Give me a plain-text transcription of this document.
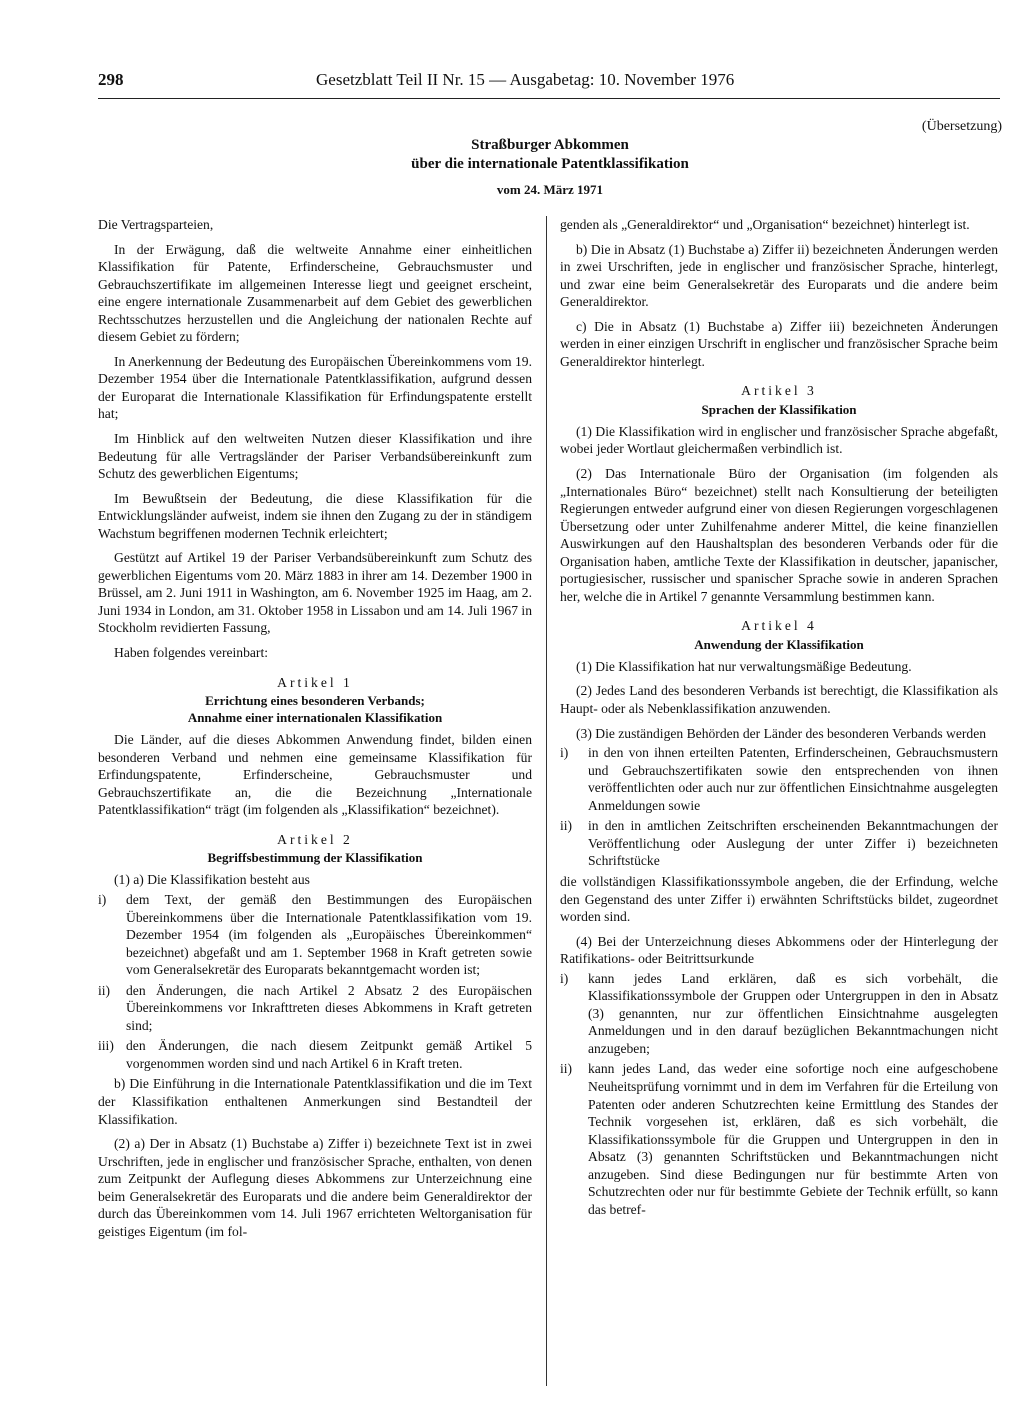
298	Gesetzblatt Teil II Nr. 15 — Ausgabetag: 10. November 1976
(Übersetzung)
Straßburger Abkommen
über die internationale Patentklassifikation
vom 24. März 1971

Die Vertragsparteien,

In der Erwägung, daß die weltweite Annahme einer einheitlichen Klassifikation für Patente, Erfinderscheine, Gebrauchsmuster und Gebrauchszertifikate im allgemeinen Interesse liegt und geeignet erscheint, eine engere internationale Zusammenarbeit auf dem Gebiet des gewerblichen Rechtsschutzes herzustellen und die Angleichung der nationalen Rechte auf diesem Gebiet zu fördern;

In Anerkennung der Bedeutung des Europäischen Übereinkommens vom 19. Dezember 1954 über die Internationale Patentklassifikation, aufgrund dessen der Europarat die Internationale Klassifikation für Erfindungspatente erstellt hat;

Im Hinblick auf den weltweiten Nutzen dieser Klassifikation und ihre Bedeutung für alle Vertragsländer der Pariser Verbandsübereinkunft zum Schutz des gewerblichen Eigentums;

Im Bewußtsein der Bedeutung, die diese Klassifikation für die Entwicklungsländer aufweist, indem sie ihnen den Zugang zu der in ständigem Wachstum begriffenen modernen Technik erleichtert;

Gestützt auf Artikel 19 der Pariser Verbandsübereinkunft zum Schutz des gewerblichen Eigentums vom 20. März 1883 in ihrer am 14. Dezember 1900 in Brüssel, am 2. Juni 1911 in Washington, am 6. November 1925 im Haag, am 2. Juni 1934 in London, am 31. Oktober 1958 in Lissabon und am 14. Juli 1967 in Stockholm revidierten Fassung,

Haben folgendes vereinbart:

Artikel 1
Errichtung eines besonderen Verbands;
Annahme einer internationalen Klassifikation

Die Länder, auf die dieses Abkommen Anwendung findet, bilden einen besonderen Verband und nehmen eine gemeinsame Klassifikation für Erfindungspatente, Erfinderscheine, Gebrauchsmuster und Gebrauchszertifikate an, die die Bezeichnung „Internationale Patentklassifikation“ trägt (im folgenden als „Klassifikation“ bezeichnet).

Artikel 2
Begriffsbestimmung der Klassifikation

(1) a) Die Klassifikation besteht aus

i)	dem Text, der gemäß den Bestimmungen des Europäischen Übereinkommens über die Internationale Patentklassifikation vom 19. Dezember 1954 (im folgenden als „Europäisches Übereinkommen“ bezeichnet) abgefaßt und am 1. September 1968 in Kraft getreten sowie vom Generalsekretär des Europarats bekanntgemacht worden ist;
ii)	den Änderungen, die nach Artikel 2 Absatz 2 des Europäischen Übereinkommens vor Inkrafttreten dieses Abkommens in Kraft getreten sind;
iii) den Änderungen, die nach diesem Zeitpunkt gemäß Artikel 5 vorgenommen worden sind und nach Artikel 6 in Kraft treten.

b) Die Einführung in die Internationale Patentklassifikation und die im Text der Klassifikation enthaltenen Anmerkungen sind Bestandteil der Klassifikation.

(2) a) Der in Absatz (1) Buchstabe a) Ziffer i) bezeichnete Text ist in zwei Urschriften, jede in englischer und französischer Sprache, enthalten, von denen zum Zeitpunkt der Auflegung dieses Abkommens zur Unterzeichnung eine beim Generalsekretär des Europarats und die andere beim Generaldirektor der durch das Übereinkommen vom 14. Juli 1967 errichteten Weltorganisation für geistiges Eigentum (im fol-

genden als „Generaldirektor“ und „Organisation“ bezeichnet) hinterlegt ist.

b) Die in Absatz (1) Buchstabe a) Ziffer ii) bezeichneten Änderungen werden in zwei Urschriften, jede in englischer und französischer Sprache, hinterlegt, und zwar eine beim Generalsekretär des Europarats und die andere beim Generaldirektor.

c) Die in Absatz (1) Buchstabe a) Ziffer iii) bezeichneten Änderungen werden in einer einzigen Urschrift in englischer und französischer Sprache beim Generaldirektor hinterlegt.

Artikel 3
Sprachen der Klassifikation

(1) Die Klassifikation wird in englischer und französischer Sprache abgefaßt, wobei jeder Wortlaut gleichermaßen verbindlich ist.

(2) Das Internationale Büro der Organisation (im folgenden als „Internationales Büro“ bezeichnet) stellt nach Konsultierung der beteiligten Regierungen entweder aufgrund einer von diesen Regierungen vorgeschlagenen Übersetzung oder unter Zuhilfenahme anderer Mittel, die keine finanziellen Auswirkungen auf den Haushaltsplan des besonderen Verbands oder für die Organisation haben, amtliche Texte der Klassifikation in deutscher, japanischer, portugiesischer, russischer und spanischer Sprache sowie in anderen Sprachen her, welche die in Artikel 7 genannte Versammlung bestimmen kann.

Artikel 4
Anwendung der Klassifikation

(1) Die Klassifikation hat nur verwaltungsmäßige Bedeutung.

(2) Jedes Land des besonderen Verbands ist berechtigt, die Klassifikation als Haupt- oder als Nebenklassifikation anzuwenden.

(3) Die zuständigen Behörden der Länder des besonderen Verbands werden

i)	in den von ihnen erteilten Patenten, Erfinderscheinen, Gebrauchsmustern und Gebrauchszertifikaten sowie den entsprechenden von ihnen veröffentlichten oder auch nur zur öffentlichen Einsichtnahme ausgelegten Anmeldungen sowie
ii)	in den in amtlichen Zeitschriften erscheinenden Bekanntmachungen der Veröffentlichung oder Auslegung der unter Ziffer i) bezeichneten Schriftstücke

die vollständigen Klassifikationssymbole angeben, die der Erfindung, welche den Gegenstand des unter Ziffer i) erwähnten Schriftstücks bildet, zugeordnet worden sind.

(4) Bei der Unterzeichnung dieses Abkommens oder der Hinterlegung der Ratifikations- oder Beitrittsurkunde

i)	kann jedes Land erklären, daß es sich vorbehält, die Klassifikationssymbole der Gruppen oder Untergruppen in den in Absatz (3) genannten, nur zur öffentlichen Einsichtnahme ausgelegten Anmeldungen und in den darauf bezüglichen Bekanntmachungen nicht anzugeben;
ii)	kann jedes Land, das weder eine sofortige noch eine aufgeschobene Neuheitsprüfung vornimmt und in dem im Verfahren für die Erteilung von Patenten oder anderen Schutzrechten keine Ermittlung des Standes der Technik vorgesehen ist, erklären, daß es sich vorbehält, die Klassifikationssymbole für die Gruppen und Untergruppen in den in Absatz (3) genannten Schriftstücken und Bekanntmachungen nicht anzugeben. Sind diese Bedingungen nur für bestimmte Arten von Schutzrechten oder nur für bestimmte Gebiete der Technik erfüllt, so kann das betref-
